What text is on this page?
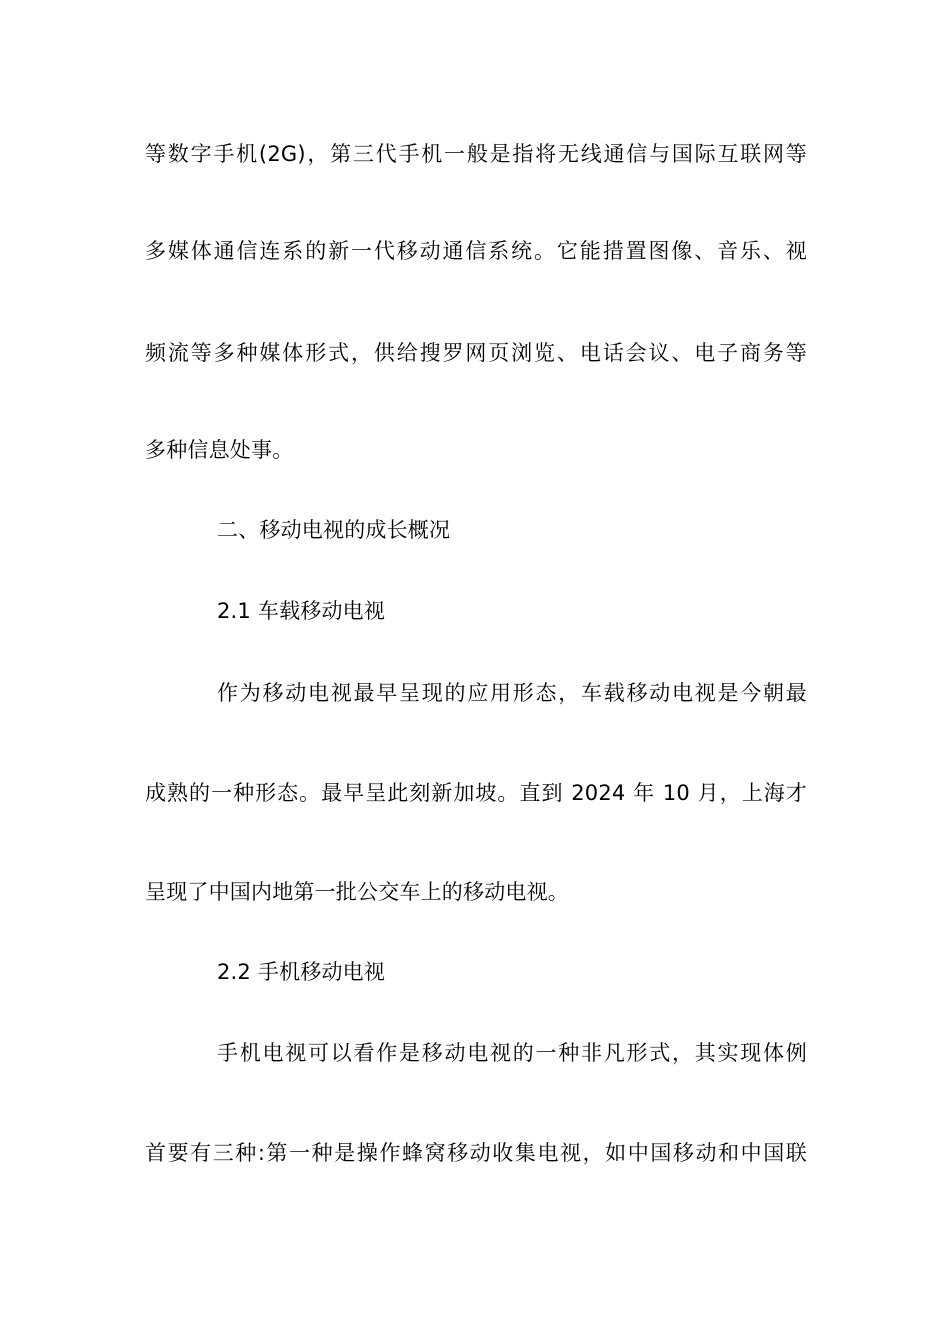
等数字手机(2G)，第三代手机一般是指将无线通信与国际互联网等
多媒体通信连系的新一代移动通信系统。它能措置图像、音乐、视
频流等多种媒体形式，供给搜罗网页浏览、电话会议、电子商务等
多种信息处事。
二、移动电视的成长概况
2.1 车载移动电视
作为移动电视最早呈现的应用形态，车载移动电视是今朝最
成熟的一种形态。最早呈此刻新加坡。直到 2024 年 10 月，上海才
呈现了中国内地第一批公交车上的移动电视。
2.2 手机移动电视
手机电视可以看作是移动电视的一种非凡形式，其实现体例
首要有三种:第一种是操作蜂窝移动收集电视，如中国移动和中国联
